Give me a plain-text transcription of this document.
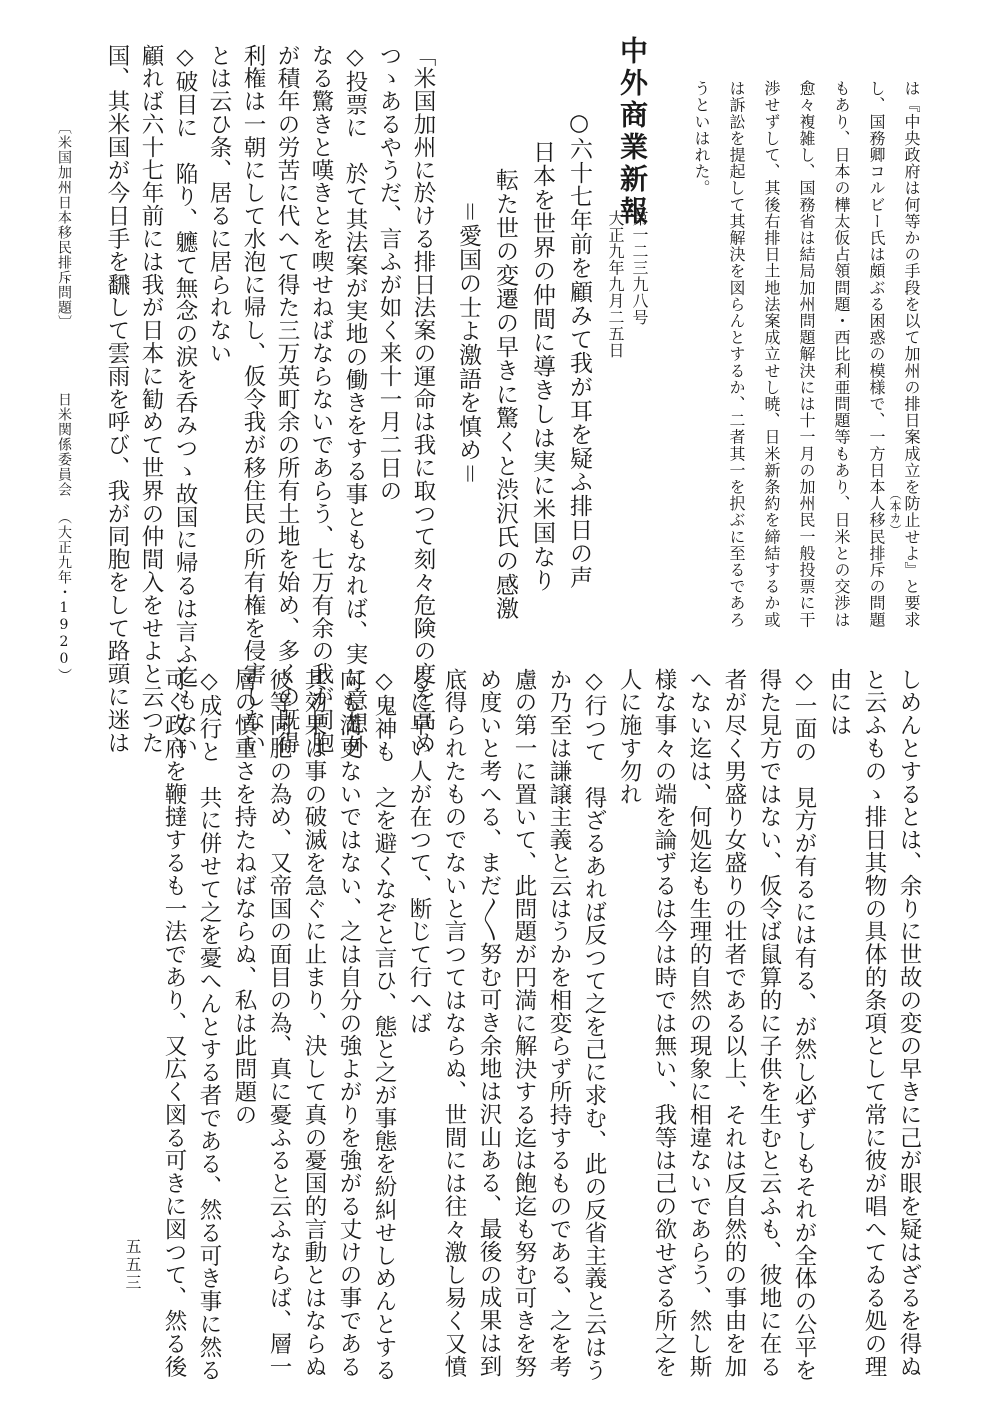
は『中央政府は何等かの手段を以て加州の排日案成立を防止せよ』と要求
し、国務卿コルビー氏は頗ぶる困惑の模様で、一方日本人移民排斥の問題
もあり、日本の樺太仮占領問題・西比利亜問題等もあり、日米との交渉は
愈々複雑し、国務省は結局加州問題解決には十一月の加州民一般投票に干
渉せずして、其後右排日土地法案成立せし暁、日米新条約を締結するか或
は訴訟を提起して其解決を図らんとするか、二者其一を択ぶに至るであろ
うといはれた。
（本カ）
中外商業新報
第一二三九八号
大正九年九月二五日
○六十七年前を顧みて我が耳を疑ふ排日の声
日本を世界の仲間に導きしは実に米国なり
転た世の変遷の早きに驚くと渋沢氏の感激
＝愛国の士よ激語を慎め＝
「米国加州に於ける排日法案の運命は我に取つて刻々危険の度を高め
つゝあるやうだ、言ふが如く来十一月二日の
◇投票に　於て其法案が実地の働きをする事ともなれば、実に意想外
なる驚きと嘆きとを喫せねばならないであらう、七万有余の我が同胞
が積年の労苦に代へて得た三万英町余の所有土地を始め、多くの既得
利権は一朝にして水泡に帰し、仮令我が移住民の所有権を侵害しない
とは云ひ条、居るに居られない
◇破目に　陥り、軈て無念の涙を呑みつゝ故国に帰るは言ふ迄もない
顧れば六十七年前には我が日本に勧めて世界の仲間入をせよと云つた
国、其米国が今日手を飜して雲雨を呼び、我が同胞をして路頭に迷は
〔米国加州日本移民排斥問題〕
日米関係委員会
（大正九年・1920）
しめんとするとは、余りに世故の変の早きに己が眼を疑はざるを得ぬ
と云ふものゝ排日其物の具体的条項として常に彼が唱へてゐる処の理
由には
◇一面の　見方が有るには有る、が然し必ずしもそれが全体の公平を
得た見方ではない、仮令ば鼠算的に子供を生むと云ふも、彼地に在る
者が尽く男盛り女盛りの壮者である以上、それは反自然的の事由を加
へない迄は、何処迄も生理的自然の現象に相違ないであらう、然し斯
様な事々の端を論ずるは今は時では無い、我等は己の欲せざる所之を
人に施す勿れ
◇行つて　得ざるあれば反つて之を己に求む、此の反省主義と云はう
か乃至は謙譲主義と云はうかを相変らず所持するものである、之を考
慮の第一に置いて、此問題が円満に解決する迄は飽迄も努む可きを努
め度いと考へる、まだ〳〵努む可き余地は沢山ある、最後の成果は到
底得られたものでないと言つてはならぬ、世間には往々激し易く又憤
るに早い人が在つて、断じて行へば
◇鬼神も　之を避くなぞと言ひ、態と之が事態を紛糾せしめんとする
向も満更ないではない、之は自分の強よがりを強がる丈けの事である
其効果は事の破滅を急ぐに止まり、決して真の憂国的言動とはならぬ
彼等同胞の為め、又帝国の面目の為、真に憂ふると云ふならば、層一
層の慎重さを持たねばならぬ、私は此問題の
◇成行と　共に併せて之を憂へんとする者である、然る可き事に然る
可く政府を鞭撻するも一法であり、又広く図る可きに図つて、然る後
五五三
